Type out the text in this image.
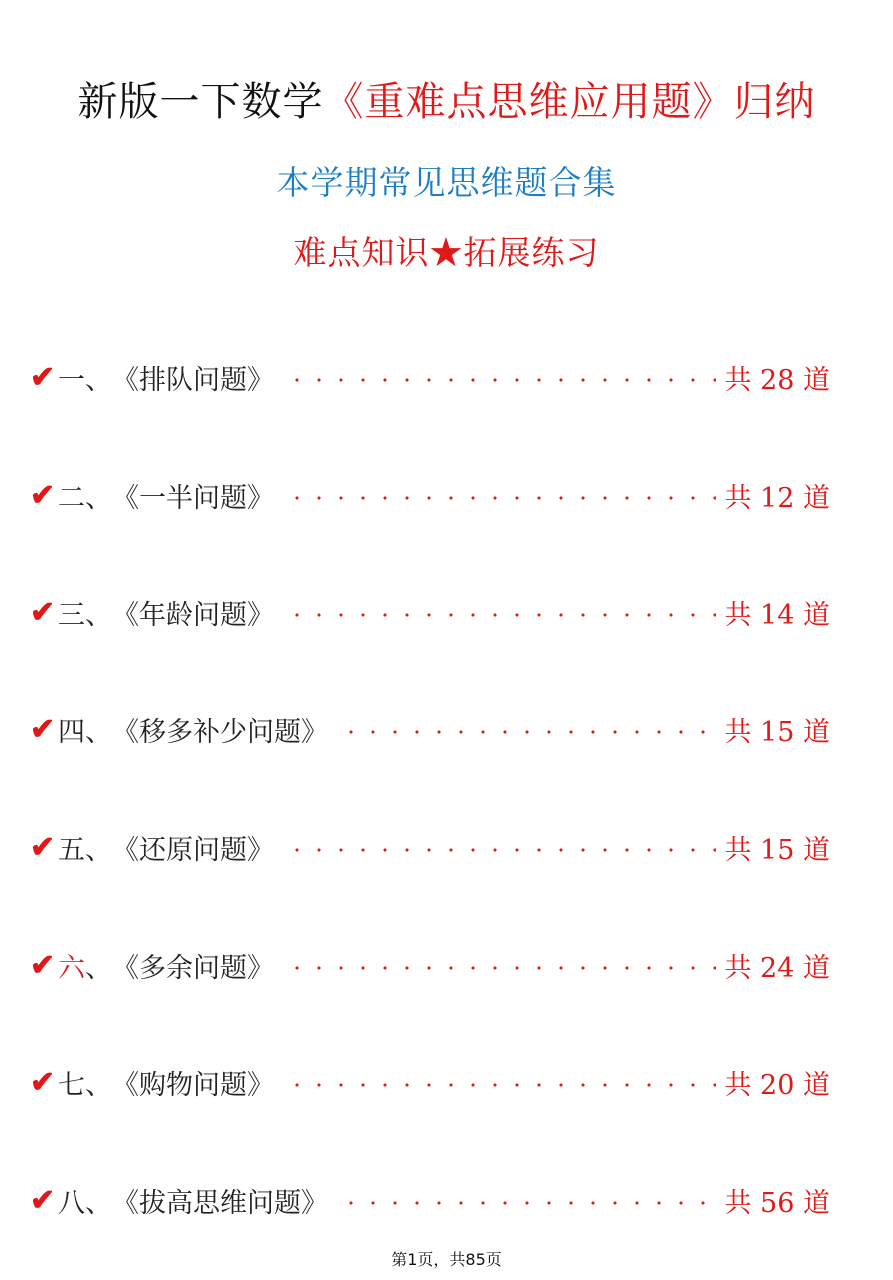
新版一下数学《重难点思维应用题》归纳
本学期常见思维题合集
难点知识★拓展练习
✔ 一 、 《排队问题》	共 28 道
✔ 二 、 《一半问题》	共 12 道
✔ 三 、 《年龄问题》	共 14 道
✔ 四 、 《移多补少问题》	共 15 道
✔ 五 、 《还原问题》	共 15 道
✔ 六 、 《多余问题》	共 24 道
✔ 七 、 《购物问题》	共 20 道
✔ 八 、 《拔高思维问题》	共 56 道
第1页，共85页
